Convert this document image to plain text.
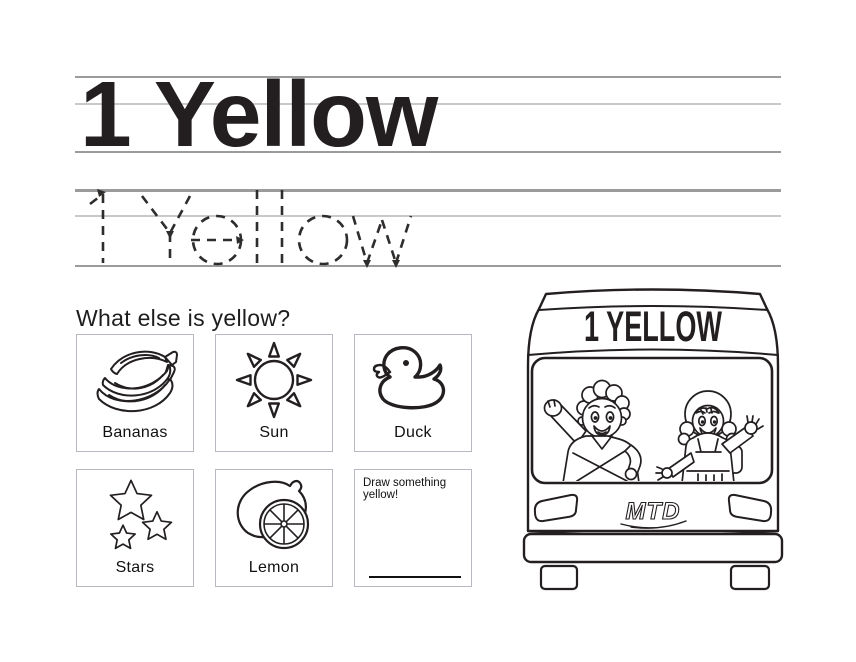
1 Yellow
What else is yellow?
Bananas	Sun	Duck
Stars	Lemon
Draw something yellow!
1 YELLOW
MTD
